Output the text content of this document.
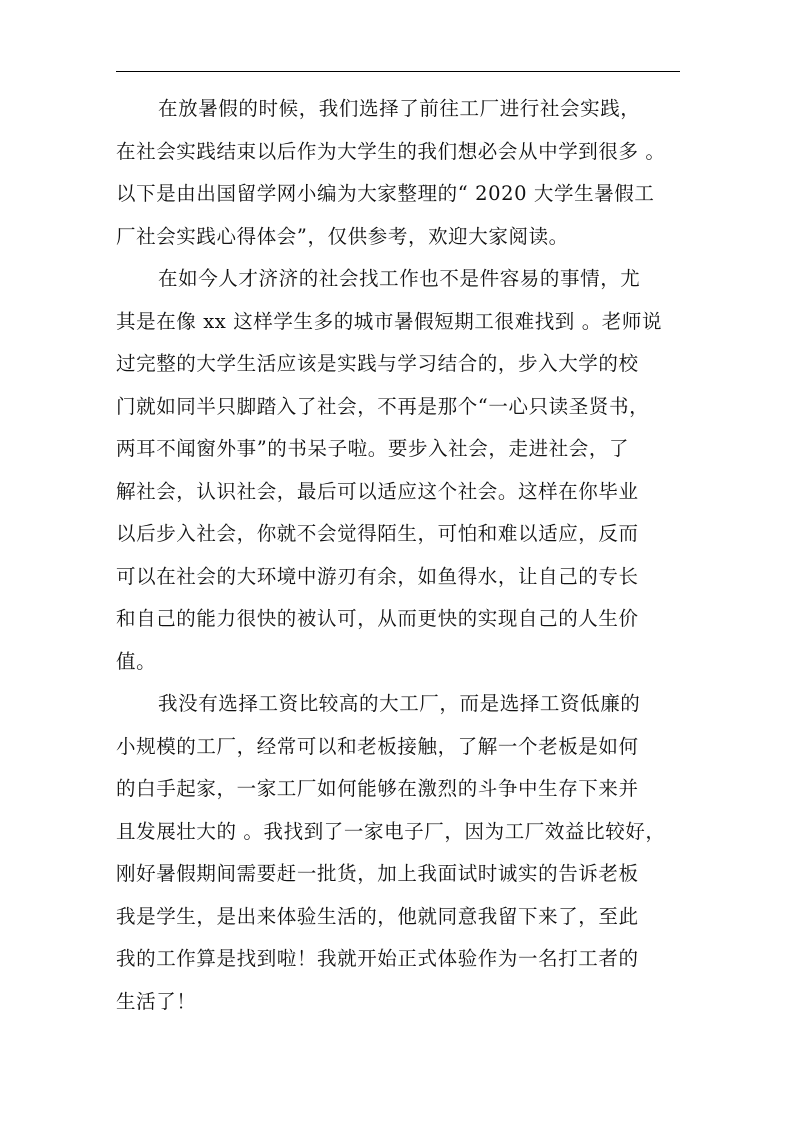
在放暑假的时候，我们选择了前往工厂进行社会实践，
在社会实践结束以后作为大学生的我们想必会从中学到很多 。
以下是由出国留学网小编为大家整理的“ 2020 大学生暑假工
厂社会实践心得体会”，仅供参考，欢迎大家阅读。
在如今人才济济的社会找工作也不是件容易的事情，尤
其是在像 xx 这样学生多的城市暑假短期工很难找到 。老师说
过完整的大学生活应该是实践与学习结合的，步入大学的校
门就如同半只脚踏入了社会，不再是那个“一心只读圣贤书，
两耳不闻窗外事”的书呆子啦。要步入社会，走进社会，了
解社会，认识社会，最后可以适应这个社会。这样在你毕业
以后步入社会，你就不会觉得陌生，可怕和难以适应，反而
可以在社会的大环境中游刃有余，如鱼得水，让自己的专长
和自己的能力很快的被认可，从而更快的实现自己的人生价
值。
我没有选择工资比较高的大工厂，而是选择工资低廉的
小规模的工厂，经常可以和老板接触，了解一个老板是如何
的白手起家，一家工厂如何能够在激烈的斗争中生存下来并
且发展壮大的 。我找到了一家电子厂，因为工厂效益比较好，
刚好暑假期间需要赶一批货，加上我面试时诚实的告诉老板
我是学生，是出来体验生活的，他就同意我留下来了，至此
我的工作算是找到啦！我就开始正式体验作为一名打工者的
生活了！
